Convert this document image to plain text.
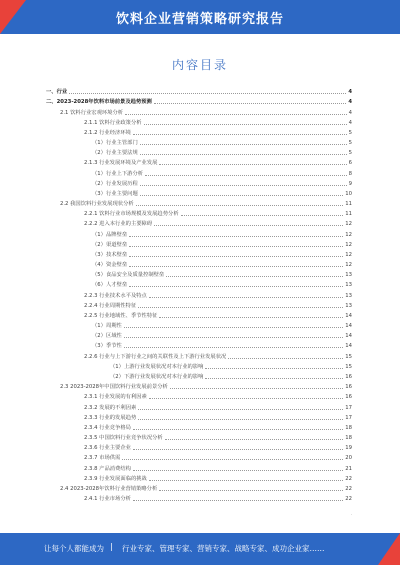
饮料企业营销策略研究报告
内容目录
一、行业	4
二、2023-2028年饮料市场前景及趋势预测	4
2.1 饮料行业宏观环境分析	4
2.1.1 饮料行业政策分析	4
2.1.2 行业经济环境	5
（1）行业主管部门	5
（2）行业主要法规	5
2.1.3 行业发展环境及产业发展	6
（1）行业上下游分析	8
（2）行业发展历程	9
（3）行业主要问题	10
2.2 我国饮料行业发展现状分析	11
2.2.1 饮料行业市场规模及发展趋势分析	11
2.2.2 进入本行业的主要障碍	12
（1）品牌壁垒	12
（2）渠道壁垒	12
（3）技术壁垒	12
（4）资金壁垒	12
（5）食品安全及质量控制壁垒	13
（6）人才壁垒	13
2.2.3 行业技术水平及特点	13
2.2.4 行业周期性特征	13
2.2.5 行业地域性、季节性特征	14
（1）周期性	14
（2）区域性	14
（3）季节性	14
2.2.6 行业与上下游行业之间的关联性及上下游行业发展状况	15
（1）上游行业发展状况对本行业的影响	15
（2）下游行业发展状况对本行业的影响	16
2.3 2023-2028年中国饮料行业发展前景分析	16
2.3.1 行业发展的有利因素	16
2.3.2 发展的不利因素	17
2.3.3 行业的发展趋势	17
2.3.4 行业竞争格局	18
2.3.5 中国饮料行业竞争状况分析	18
2.3.6 行业主要企业	19
2.3.7 市场供需	20
2.3.8 产品消费结构	21
2.3.9 行业发展面临的挑战	22
2.4 2023-2028年饮料行业营销策略分析	22
2.4.1 行业市场分析	22
·
让每个人都能成为 | 行业专家、管理专家、营销专家、战略专家、成功企业家……
